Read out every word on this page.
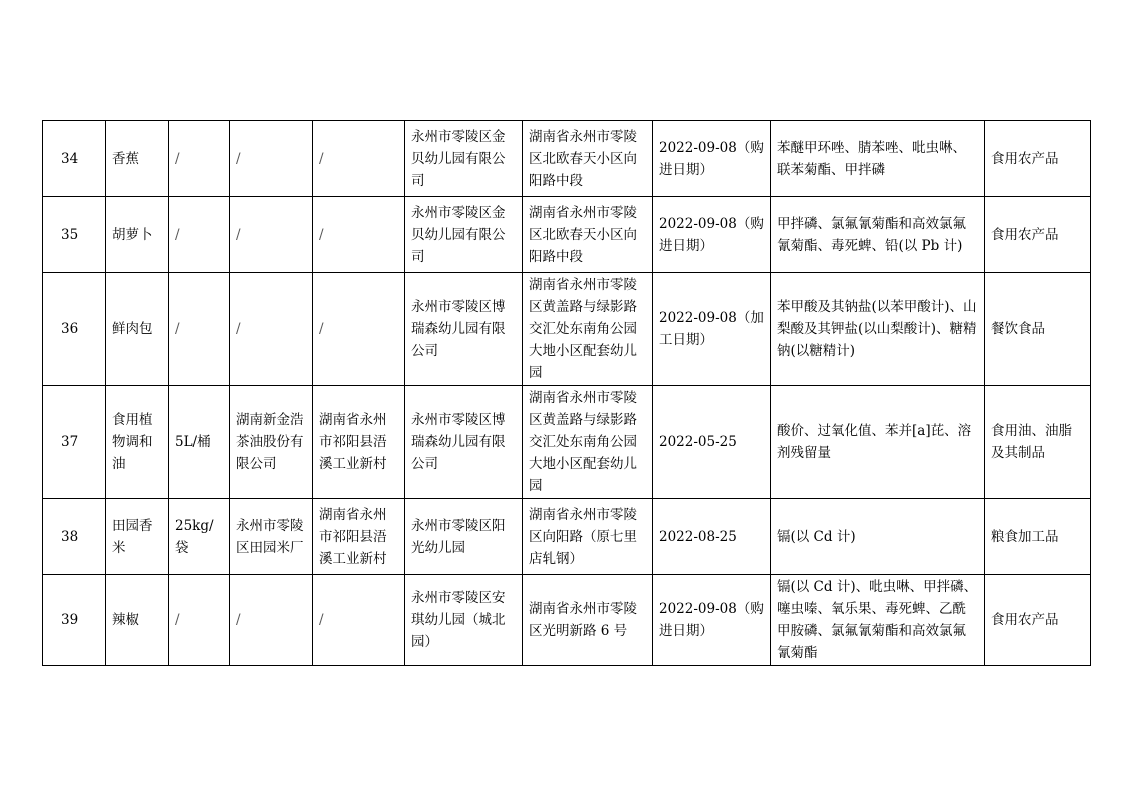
34	香蕉	/	/	/	永州市零陵区金贝幼儿园有限公司	湖南省永州市零陵区北欧春天小区向阳路中段	2022-09-08（购进日期）	苯醚甲环唑、腈苯唑、吡虫啉、联苯菊酯、甲拌磷	食用农产品
35	胡萝卜	/	/	/	永州市零陵区金贝幼儿园有限公司	湖南省永州市零陵区北欧春天小区向阳路中段	2022-09-08（购进日期）	甲拌磷、氯氟氰菊酯和高效氯氟氰菊酯、毒死蜱、铅(以 Pb 计)	食用农产品
36	鲜肉包	/	/	/	永州市零陵区博瑞森幼儿园有限公司	湖南省永州市零陵区黄盖路与绿影路交汇处东南角公园大地小区配套幼儿园	2022-09-08（加工日期）	苯甲酸及其钠盐(以苯甲酸计)、山梨酸及其钾盐(以山梨酸计)、糖精钠(以糖精计)	餐饮食品
37	食用植物调和油	5L/桶	湖南新金浩茶油股份有限公司	湖南省永州市祁阳县浯溪工业新村	永州市零陵区博瑞森幼儿园有限公司	湖南省永州市零陵区黄盖路与绿影路交汇处东南角公园大地小区配套幼儿园	2022-05-25	酸价、过氧化值、苯并[a]芘、溶剂残留量	食用油、油脂及其制品
38	田园香米	25kg/袋	永州市零陵区田园米厂	湖南省永州市祁阳县浯溪工业新村	永州市零陵区阳光幼儿园	湖南省永州市零陵区向阳路（原七里店轧钢）	2022-08-25	镉(以 Cd 计)	粮食加工品
39	辣椒	/	/	/	永州市零陵区安琪幼儿园（城北园）	湖南省永州市零陵区光明新路 6 号	2022-09-08（购进日期）	镉(以 Cd 计)、吡虫啉、甲拌磷、噻虫嗪、氧乐果、毒死蜱、乙酰甲胺磷、氯氟氰菊酯和高效氯氟氰菊酯	食用农产品
